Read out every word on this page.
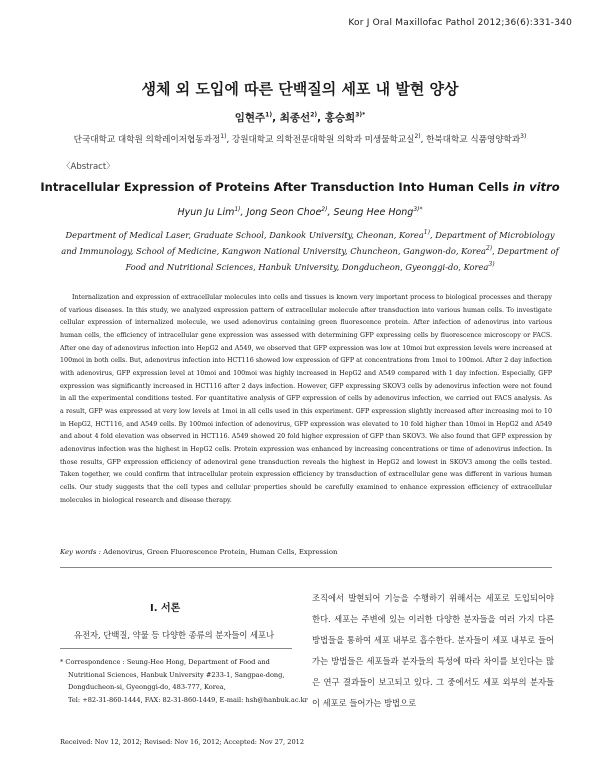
Kor J Oral Maxillofac Pathol 2012;36(6):331-340
생체 외 도입에 따른 단백질의 세포 내 발현 양상
임현주$^{1)}$, 최종선$^{2)}$, 홍승희$^{3)*}$
단국대학교 대학원 의학레이저협동과정$^{1)}$, 강원대학교 의학전문대학원 의학과 미생물학교실$^{2)}$, 한북대학교 식품영양학과$^{3)}$
〈Abstract〉
Intracellular Expression of Proteins After Transduction Into Human Cells in vitro
Hyun Ju Lim$^{1)}$, Jong Seon Choe$^{2)}$, Seung Hee Hong$^{3)*}$
Department of Medical Laser, Graduate School, Dankook University, Cheonan, Korea$^{1)}$, Department of Microbiology and Immunology, School of Medicine, Kangwon National University, Chuncheon, Gangwon-do, Korea$^{2)}$, Department of Food and Nutritional Sciences, Hanbuk University, Dongducheon, Gyeonggi-do, Korea$^{3)}$

Internalization and expression of extracellular molecules into cells and tissues is known very important process to biological processes and therapy of various diseases. In this study, we analyzed expression pattern of extracellular molecule after transduction into various human cells. To investigate cellular expression of internalized molecule, we used adenovirus containing green fluorescence protein. After infection of adenovirus into various human cells, the efficiency of intracellular gene expression was assessed with determining GFP expressing cells by fluorescence microscopy or FACS. After one day of adenovirus infection into HepG2 and A549, we observed that GFP expression was low at 10moi but expression levels were increased at 100moi in both cells. But, adenovirus infection into HCT116 showed low expression of GFP at concentrations from 1moi to 100moi. After 2 day infection with adenovirus, GFP expression level at 10moi and 100moi was highly increased in HepG2 and A549 compared with 1 day infection. Especially, GFP expression was significantly increased in HCT116 after 2 days infection. However, GFP expressing SKOV3 cells by adenovirus infection were not found in all the experimental conditions tested. For quantitative analysis of GFP expression of cells by adenovirus infection, we carried out FACS analysis. As a result, GFP was expressed at very low levels at 1moi in all cells used in this experiment. GFP expression slightly increased after increasing moi to 10 in HepG2, HCT116, and A549 cells. By 100moi infection of adenovirus, GFP expression was elevated to 10 fold higher than 10moi in HepG2 and A549 and about 4 fold elevation was observed in HCT116. A549 showed 20 fold higher expression of GFP than SKOV3. We also found that GFP expression by adenovirus infection was the highest in HepG2 cells. Protein expression was enhanced by increasing concentrations or time of adenovirus infection. In those results, GFP expression efficiency of adenoviral gene transduction reveals the highest in HepG2 and lowest in SKOV3 among the cells tested. Taken together, we could confirm that intracellular protein expression efficiency by transduction of extracellular gene was different in various human cells. Our study suggests that the cell types and cellular properties should be carefully examined to enhance expression efficiency of extracellular molecules in biological research and disease therapy.

Key words : Adenovirus, Green Fluorescence Protein, Human Cells, Expression
Ⅰ. 서론
유전자, 단백질, 약물 등 다양한 종류의 분자들이 세포나
* Correspondence : Seung-Hee Hong, Department of Food and
Nutritional Sciences, Hanbuk University #233-1, Sangpae-dong,
Dongducheon-si, Gyeonggi-do, 483-777, Korea,
Tel: +82-31-860-1444, FAX: 82-31-860-1449, E-mail: hsh@hanbuk.ac.kr
Received: Nov 12, 2012; Revised: Nov 16, 2012; Accepted: Nov 27, 2012
조직에서 발현되어 기능을 수행하기 위해서는 세포로 도입되어야 한다. 세포는 주변에 있는 이러한 다양한 분자들을 여러 가지 다른 방법들을 통하여 세포 내부로 흡수한다. 분자들이 세포 내부로 들어가는 방법들은 세포들과 분자들의 특성에 따라 차이를 보인다는 많은 연구 결과들이 보고되고 있다. 그 중에서도 세포 외부의 분자들이 세포로 들어가는 방법으로
